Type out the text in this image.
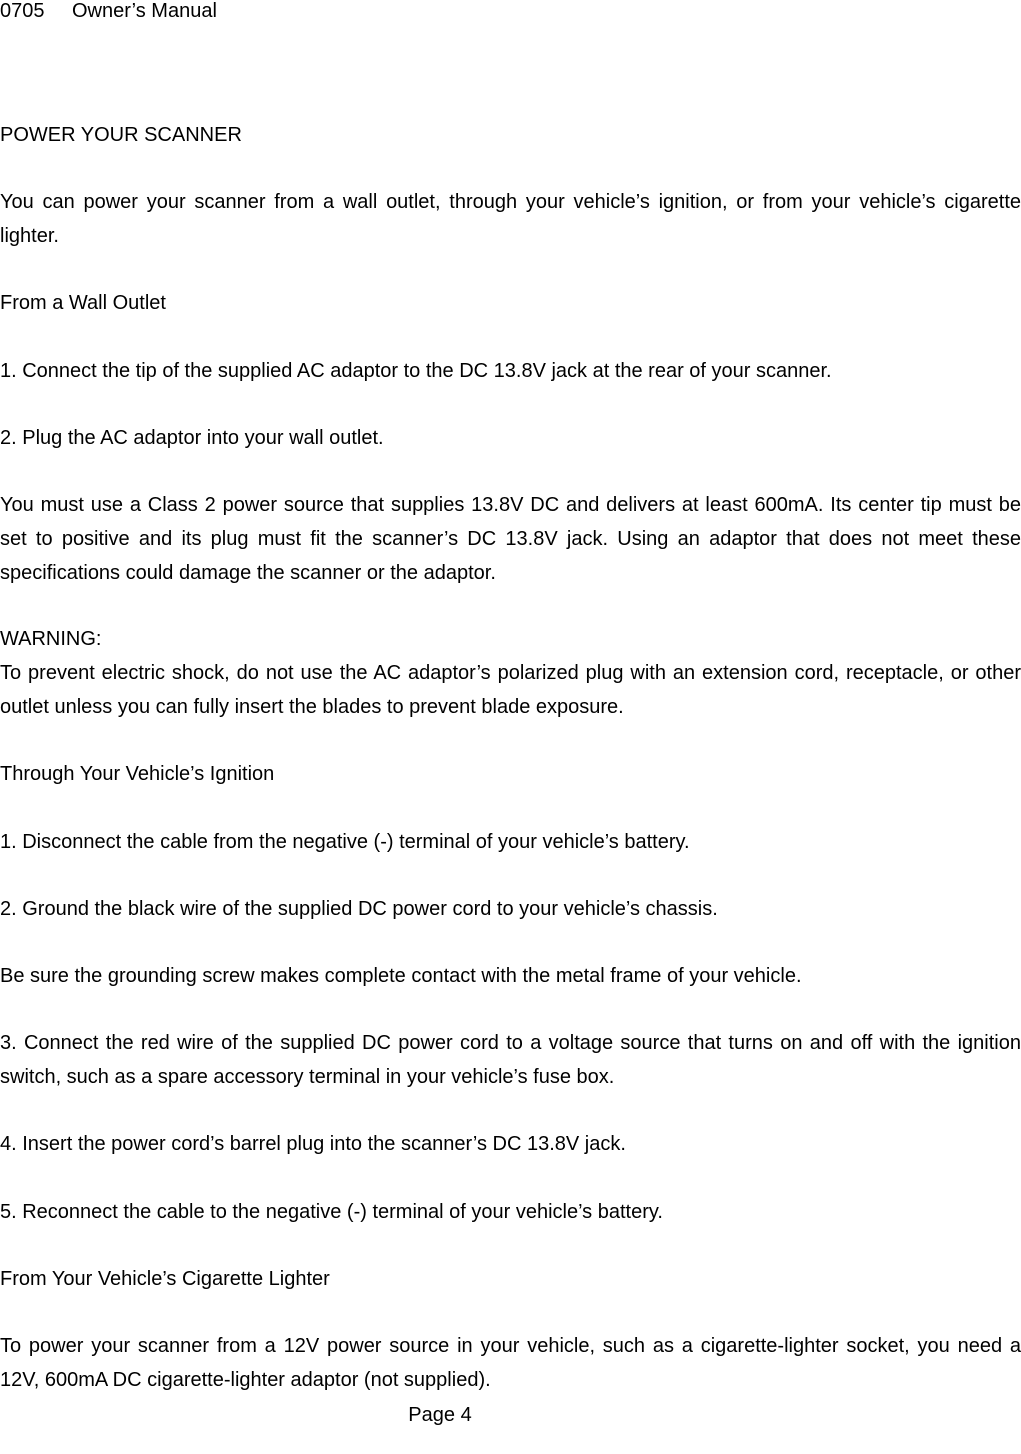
0705 Owner’s Manual

POWER YOUR SCANNER

You can power your scanner from a wall outlet, through your vehicle’s ignition, or from your vehicle’s cigarette lighter.

From a Wall Outlet

1. Connect the tip of the supplied AC adaptor to the DC 13.8V jack at the rear of your scanner.

2. Plug the AC adaptor into your wall outlet.

You must use a Class 2 power source that supplies 13.8V DC and delivers at least 600mA. Its center tip must be set to positive and its plug must fit the scanner’s DC 13.8V jack. Using an adaptor that does not meet these specifications could damage the scanner or the adaptor.

WARNING:

To prevent electric shock, do not use the AC adaptor’s polarized plug with an extension cord, receptacle, or other outlet unless you can fully insert the blades to prevent blade exposure.

Through Your Vehicle’s Ignition

1. Disconnect the cable from the negative (-) terminal of your vehicle’s battery.

2. Ground the black wire of the supplied DC power cord to your vehicle’s chassis.

Be sure the grounding screw makes complete contact with the metal frame of your vehicle.

3. Connect the red wire of the supplied DC power cord to a voltage source that turns on and off with the ignition switch, such as a spare accessory terminal in your vehicle’s fuse box.

4. Insert the power cord’s barrel plug into the scanner’s DC 13.8V jack.

5. Reconnect the cable to the negative (-) terminal of your vehicle’s battery.

From Your Vehicle’s Cigarette Lighter

To power your scanner from a 12V power source in your vehicle, such as a cigarette-lighter socket, you need a 12V, 600mA DC cigarette-lighter adaptor (not supplied).

Page 4
